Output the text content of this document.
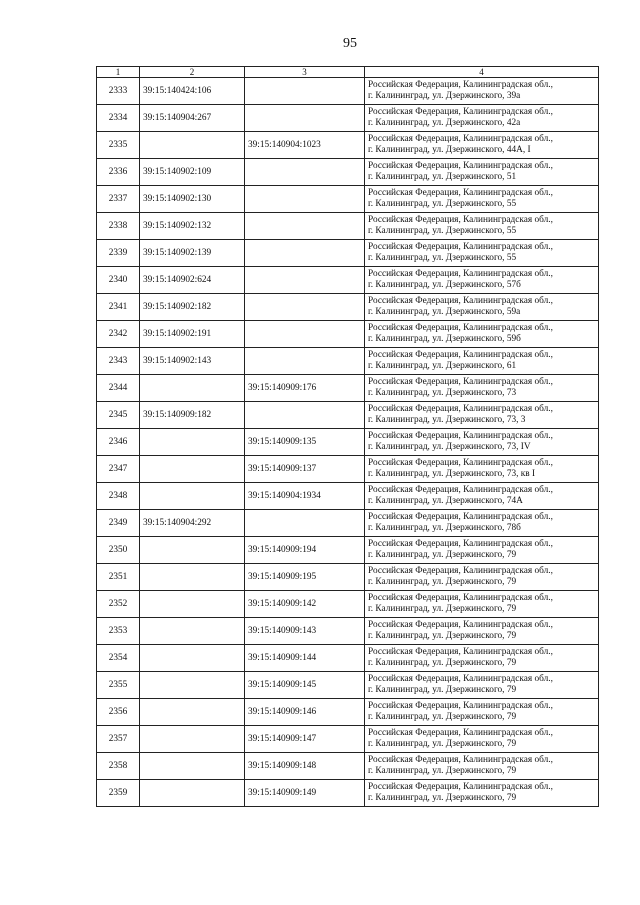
95
1	2	3	4
2333	39:15:140424:106		Российская Федерация, Калининградская обл.,
г. Калининград, ул. Дзержинского, 39а

2334	39:15:140904:267		Российская Федерация, Калининградская обл.,
г. Калининград, ул. Дзержинского, 42а

2335		39:15:140904:1023	Российская Федерация, Калининградская обл.,
г. Калининград, ул. Дзержинского, 44А, I

2336	39:15:140902:109		Российская Федерация, Калининградская обл.,
г. Калининград, ул. Дзержинского, 51

2337	39:15:140902:130		Российская Федерация, Калининградская обл.,
г. Калининград, ул. Дзержинского, 55

2338	39:15:140902:132		Российская Федерация, Калининградская обл.,
г. Калининград, ул. Дзержинского, 55

2339	39:15:140902:139		Российская Федерация, Калининградская обл.,
г. Калининград, ул. Дзержинского, 55

2340	39:15:140902:624		Российская Федерация, Калининградская обл.,
г. Калининград, ул. Дзержинского, 57б

2341	39:15:140902:182		Российская Федерация, Калининградская обл.,
г. Калининград, ул. Дзержинского, 59а

2342	39:15:140902:191		Российская Федерация, Калининградская обл.,
г. Калининград, ул. Дзержинского, 59б

2343	39:15:140902:143		Российская Федерация, Калининградская обл.,
г. Калининград, ул. Дзержинского, 61

2344		39:15:140909:176	Российская Федерация, Калининградская обл.,
г. Калининград, ул. Дзержинского, 73

2345	39:15:140909:182		Российская Федерация, Калининградская обл.,
г. Калининград, ул. Дзержинского, 73, 3

2346		39:15:140909:135	Российская Федерация, Калининградская обл.,
г. Калининград, ул. Дзержинского, 73, IV

2347		39:15:140909:137	Российская Федерация, Калининградская обл.,
г. Калининград, ул. Дзержинского, 73, кв I

2348		39:15:140904:1934	Российская Федерация, Калининградская обл.,
г. Калининград, ул. Дзержинского, 74А

2349	39:15:140904:292		Российская Федерация, Калининградская обл.,
г. Калининград, ул. Дзержинского, 78б

2350		39:15:140909:194	Российская Федерация, Калининградская обл.,
г. Калининград, ул. Дзержинского, 79

2351		39:15:140909:195	Российская Федерация, Калининградская обл.,
г. Калининград, ул. Дзержинского, 79

2352		39:15:140909:142	Российская Федерация, Калининградская обл.,
г. Калининград, ул. Дзержинского, 79

2353		39:15:140909:143	Российская Федерация, Калининградская обл.,
г. Калининград, ул. Дзержинского, 79

2354		39:15:140909:144	Российская Федерация, Калининградская обл.,
г. Калининград, ул. Дзержинского, 79

2355		39:15:140909:145	Российская Федерация, Калининградская обл.,
г. Калининград, ул. Дзержинского, 79

2356		39:15:140909:146	Российская Федерация, Калининградская обл.,
г. Калининград, ул. Дзержинского, 79

2357		39:15:140909:147	Российская Федерация, Калининградская обл.,
г. Калининград, ул. Дзержинского, 79

2358		39:15:140909:148	Российская Федерация, Калининградская обл.,
г. Калининград, ул. Дзержинского, 79

2359		39:15:140909:149	Российская Федерация, Калининградская обл.,
г. Калининград, ул. Дзержинского, 79
